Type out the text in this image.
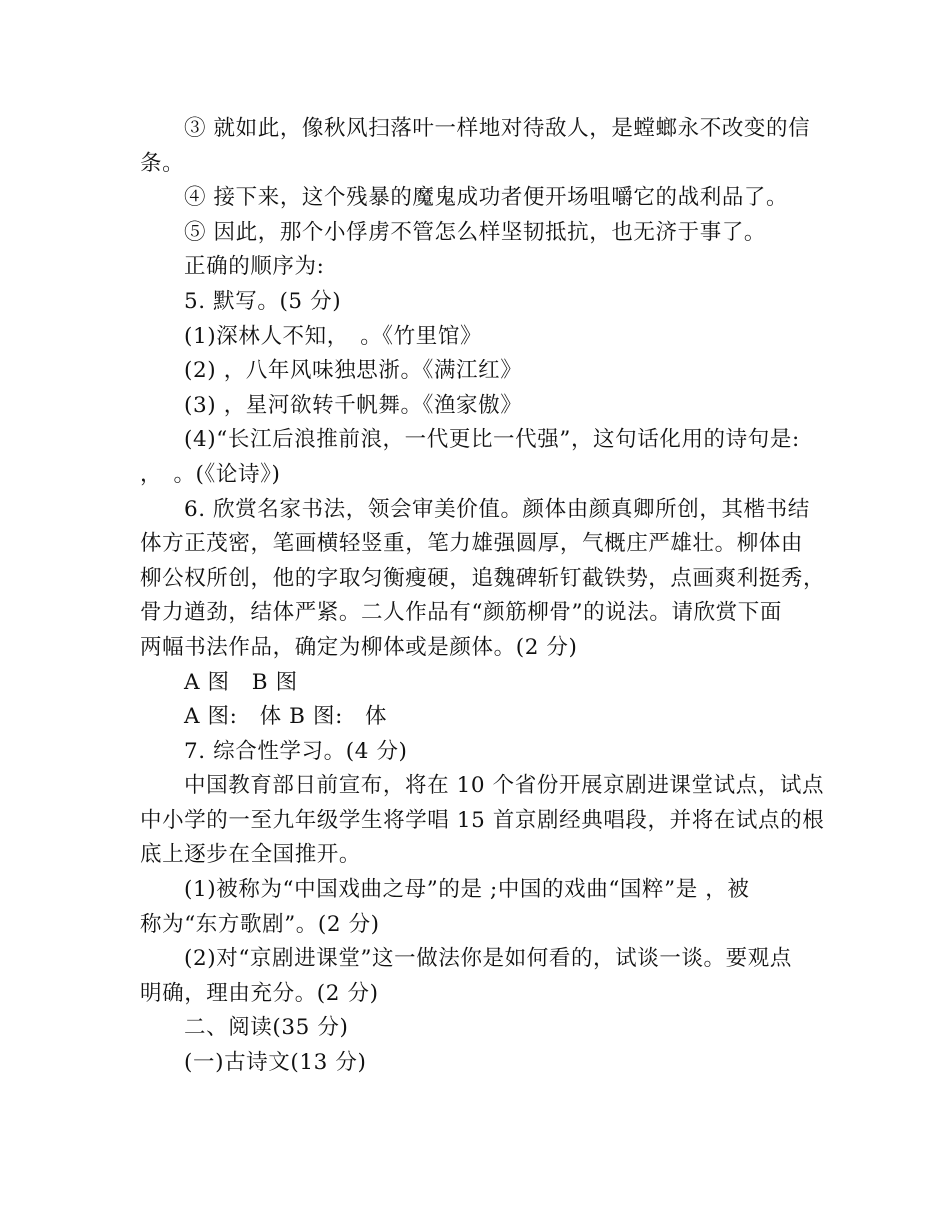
③ 就如此，像秋风扫落叶一样地对待敌人，是螳螂永不改变的信
条。

④ 接下来，这个残暴的魔鬼成功者便开场咀嚼它的战利品了。

⑤ 因此，那个小俘虏不管怎么样坚韧抵抗，也无济于事了。

正确的顺序为:

5. 默写。(5 分)

(1)深林人不知，　。《竹里馆》

(2) ，八年风味独思浙。《满江红》

(3) ，星河欲转千帆舞。《渔家傲》

(4)“长江后浪推前浪，一代更比一代强”，这句话化用的诗句是:
，　。(《论诗》)

6. 欣赏名家书法，领会审美价值。颜体由颜真卿所创，其楷书结
体方正茂密，笔画横轻竖重，笔力雄强圆厚，气概庄严雄壮。柳体由
柳公权所创，他的字取匀衡瘦硬，追魏碑斩钉截铁势，点画爽利挺秀，
骨力遒劲，结体严紧。二人作品有“颜筋柳骨”的说法。请欣赏下面
两幅书法作品，确定为柳体或是颜体。(2 分)

A 图　B 图

A 图:　体 B 图:　体

7. 综合性学习。(4 分)

中国教育部日前宣布，将在 10 个省份开展京剧进课堂试点，试点
中小学的一至九年级学生将学唱 15 首京剧经典唱段，并将在试点的根
底上逐步在全国推开。

(1)被称为“中国戏曲之母”的是 ;中国的戏曲“国粹”是 ，被
称为“东方歌剧”。(2 分)

(2)对“京剧进课堂”这一做法你是如何看的，试谈一谈。要观点
明确，理由充分。(2 分)

二、阅读(35 分)

(一)古诗文(13 分)
